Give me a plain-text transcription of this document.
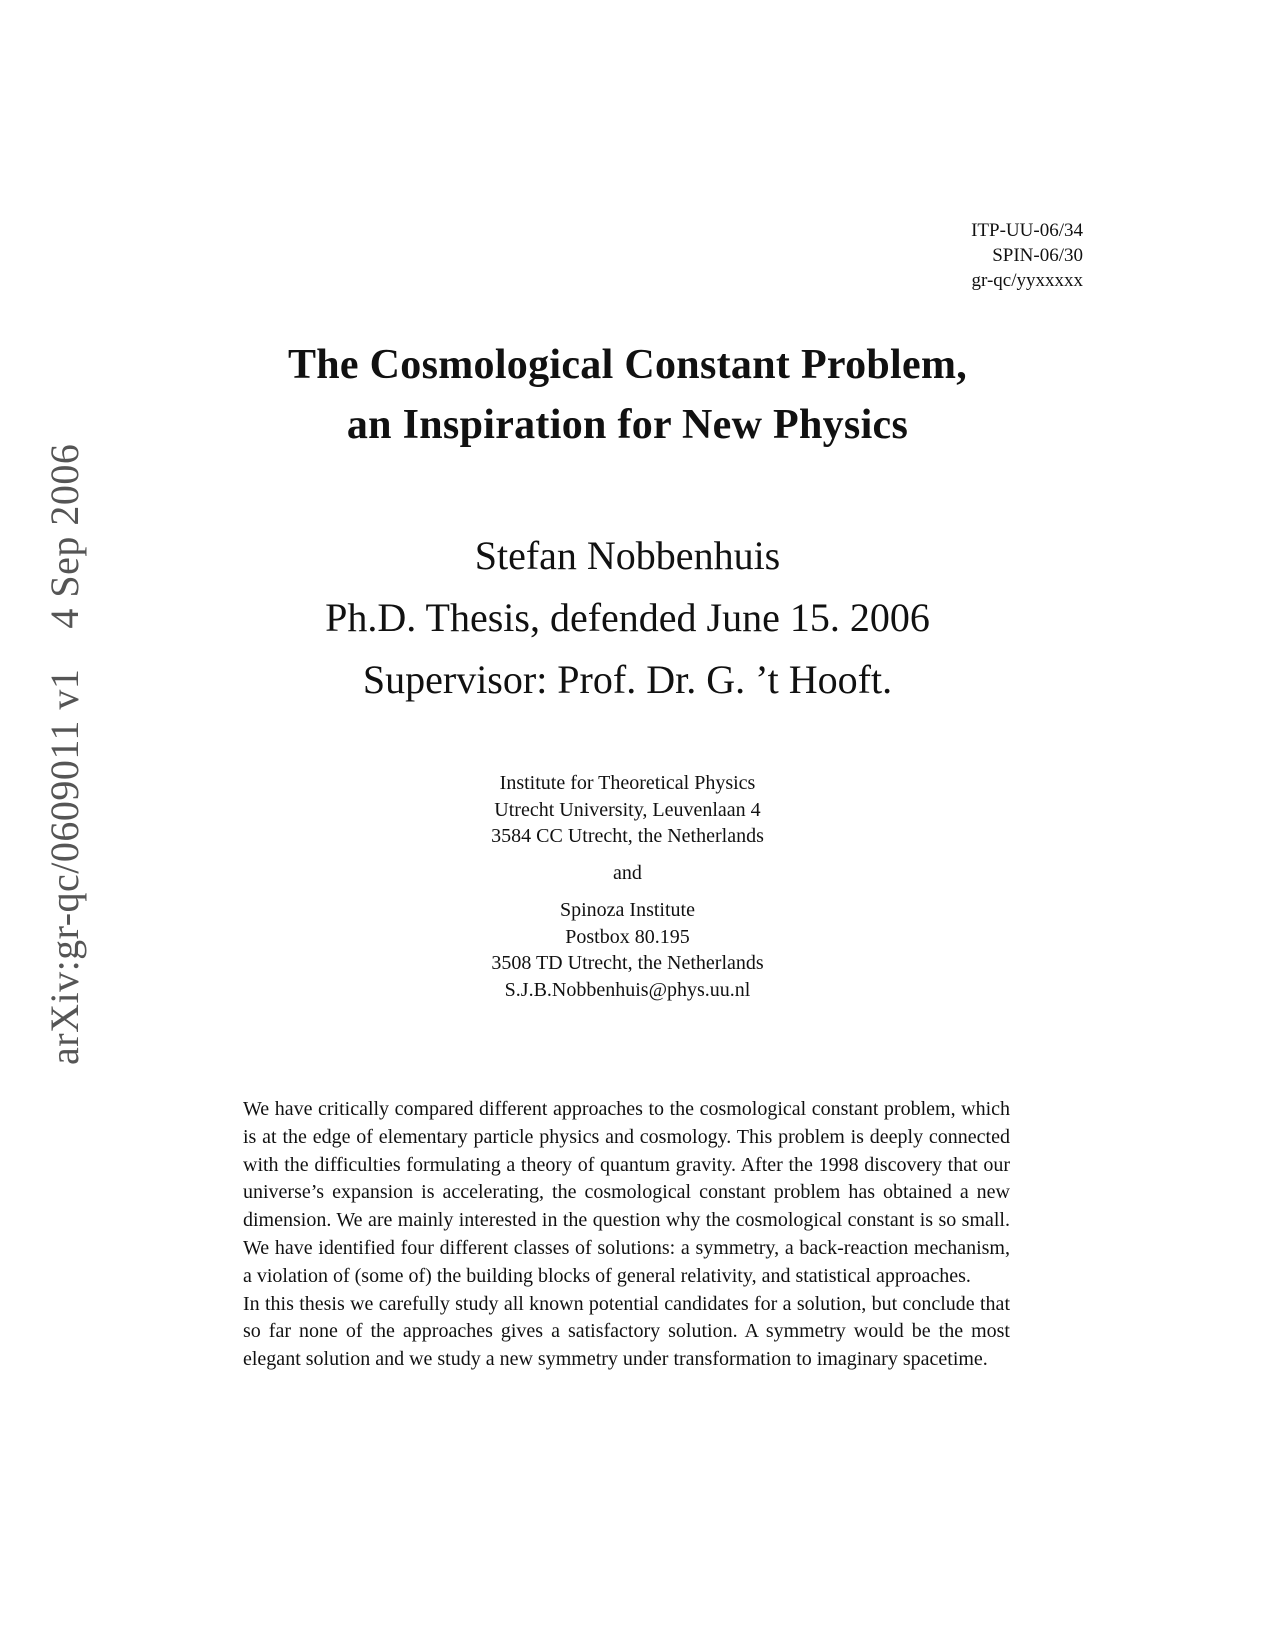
arXiv:gr-qc/0609011 v14 Sep 2006
ITP-UU-06/34
SPIN-06/30
gr-qc/yyxxxxx
The Cosmological Constant Problem,
an Inspiration for New Physics
Stefan Nobbenhuis
Ph.D. Thesis, defended June 15. 2006
Supervisor: Prof. Dr. G. ’t Hooft.
Institute for Theoretical Physics
Utrecht University, Leuvenlaan 4
3584 CC Utrecht, the Netherlands
and
Spinoza Institute
Postbox 80.195
3508 TD Utrecht, the Netherlands
S.J.B.Nobbenhuis@phys.uu.nl

We have critically compared different approaches to the cosmological constant problem, which is at the edge of elementary particle physics and cosmology. This problem is deeply connected with the difficulties formulating a theory of quantum gravity. After the 1998 discovery that our universe’s expansion is accelerating, the cosmological constant problem has obtained a new dimension. We are mainly interested in the question why the cosmological constant is so small. We have identified four different classes of solutions: a symmetry, a back-reaction mechanism, a violation of (some of) the building blocks of general relativity, and statistical approaches.

In this thesis we carefully study all known potential candidates for a solution, but conclude that so far none of the approaches gives a satisfactory solution. A symmetry would be the most elegant solution and we study a new symmetry under transformation to imaginary spacetime.
